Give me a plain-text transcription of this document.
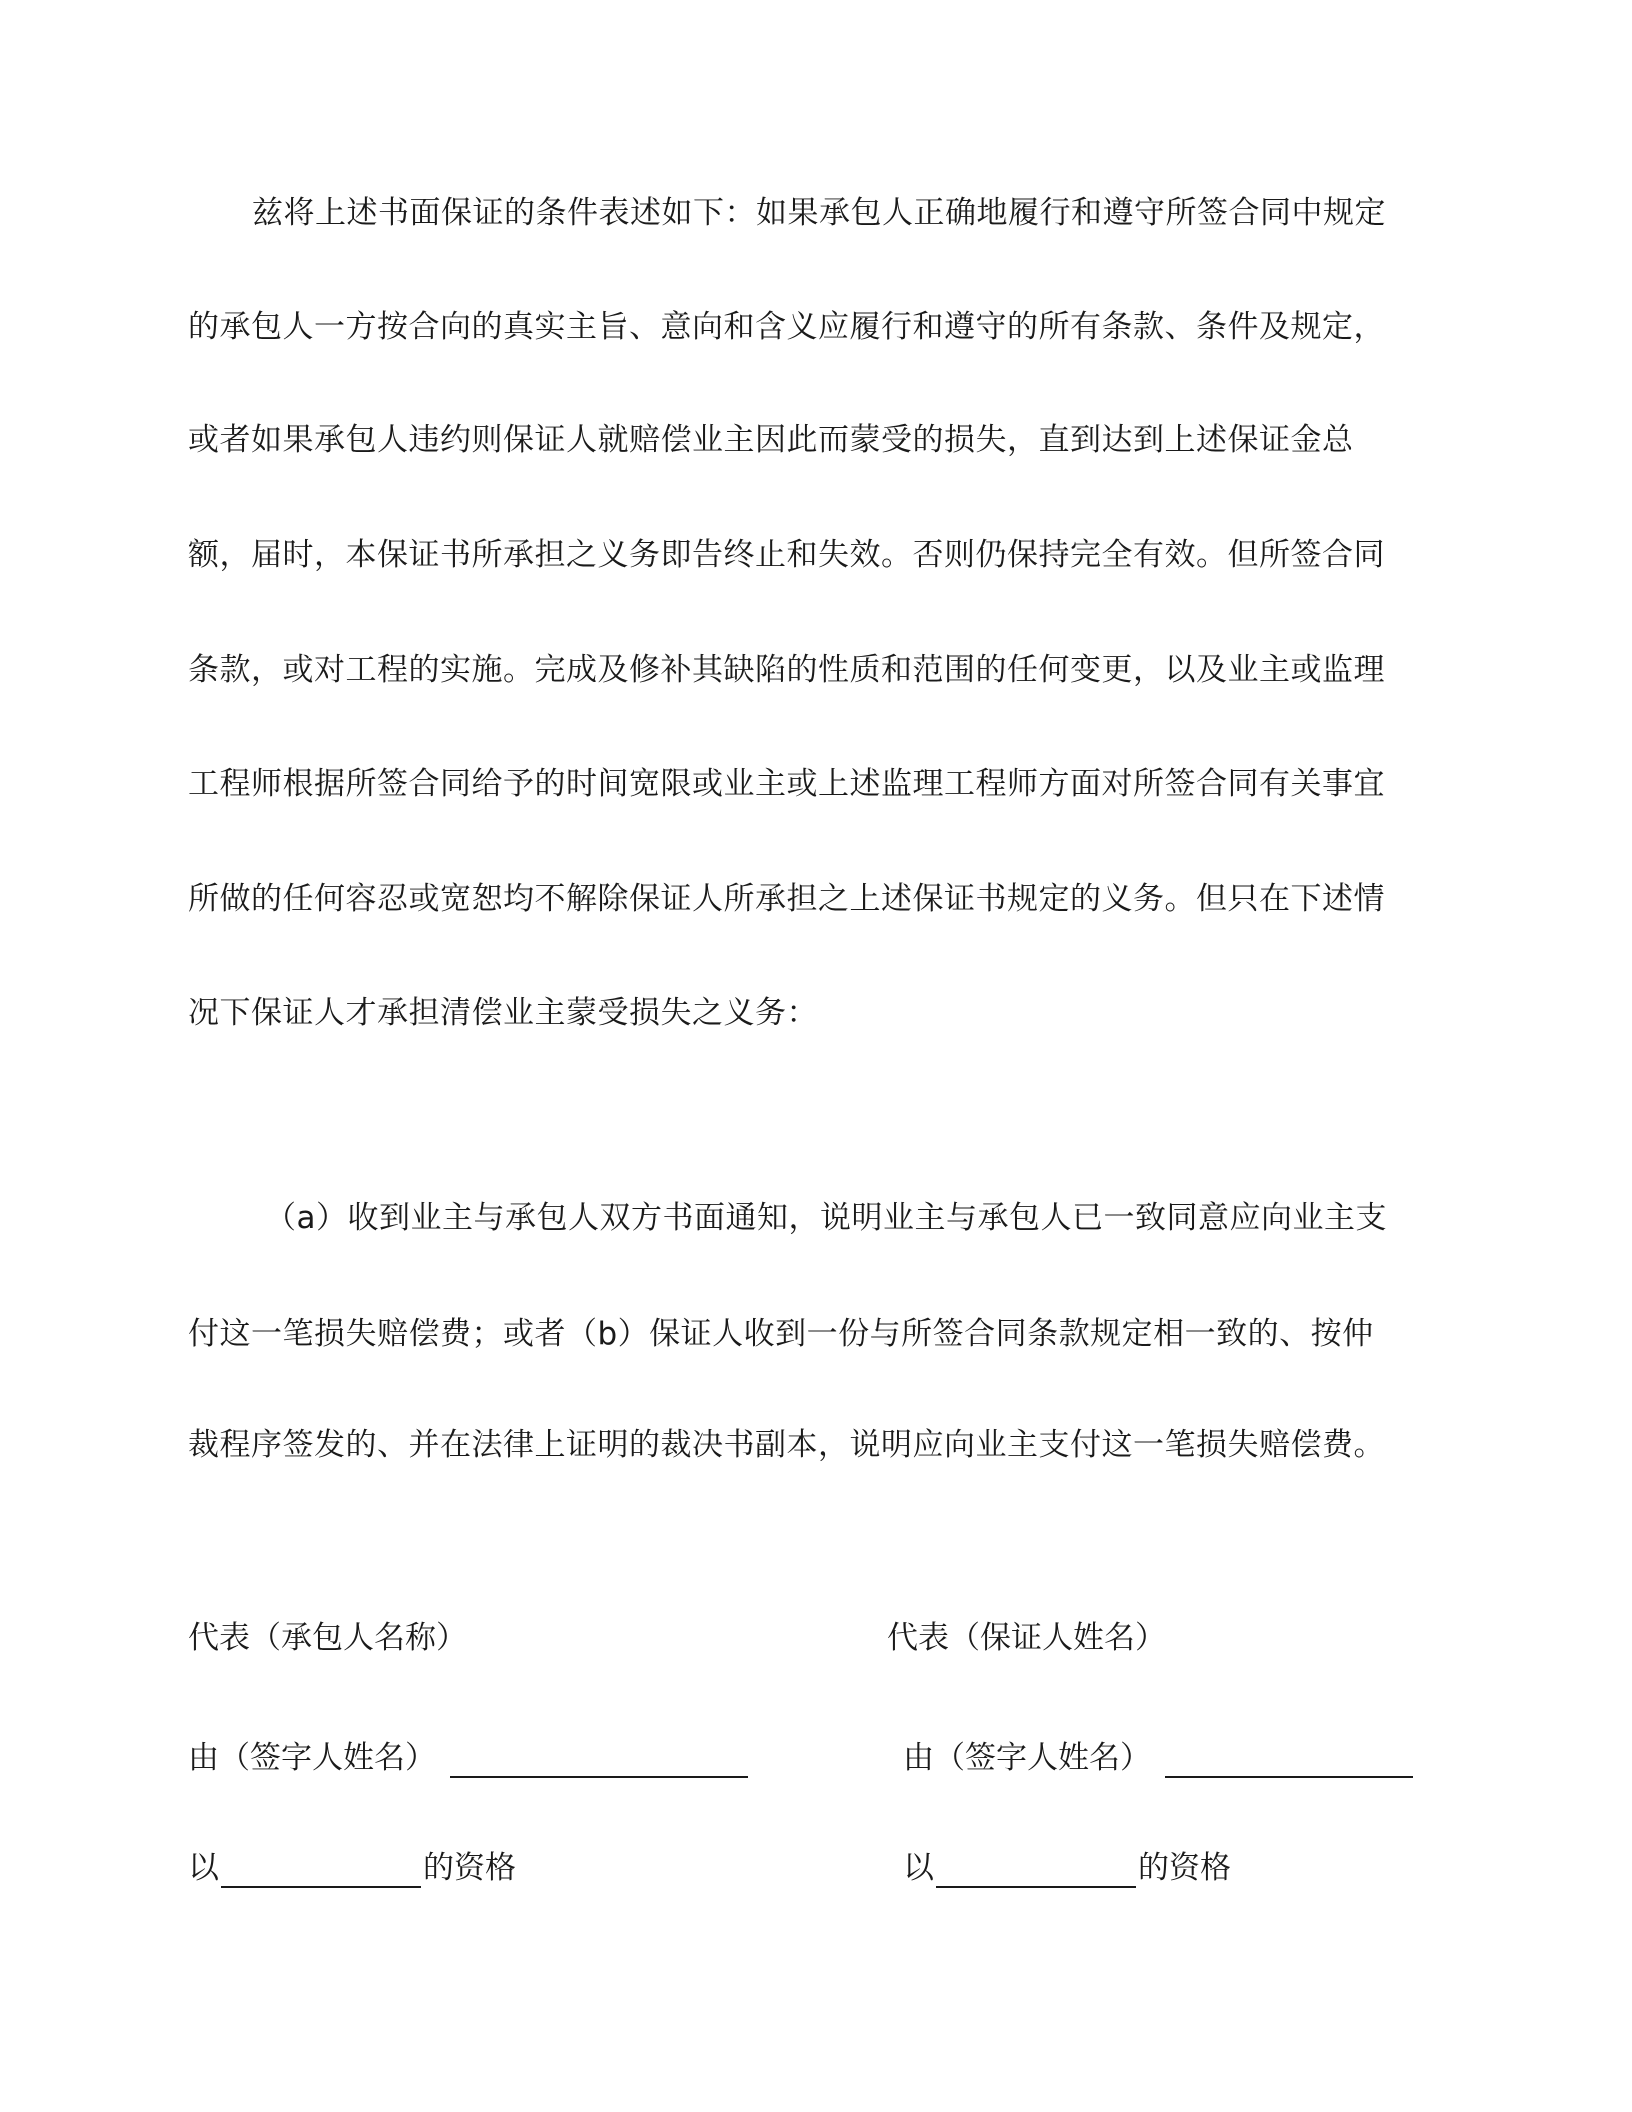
兹将上述书面保证的条件表述如下：如果承包人正确地履行和遵守所签合同中规定
的承包人一方按合向的真实主旨、意向和含义应履行和遵守的所有条款、条件及规定，
或者如果承包人违约则保证人就赔偿业主因此而蒙受的损失，直到达到上述保证金总
额，届时，本保证书所承担之义务即告终止和失效。否则仍保持完全有效。但所签合同
条款，或对工程的实施。完成及修补其缺陷的性质和范围的任何变更，以及业主或监理
工程师根据所签合同给予的时间宽限或业主或上述监理工程师方面对所签合同有关事宜
所做的任何容忍或宽恕均不解除保证人所承担之上述保证书规定的义务。但只在下述情
况下保证人才承担清偿业主蒙受损失之义务：
（a）收到业主与承包人双方书面通知，说明业主与承包人已一致同意应向业主支
付这一笔损失赔偿费；或者（b）保证人收到一份与所签合同条款规定相一致的、按仲
裁程序签发的、并在法律上证明的裁决书副本，说明应向业主支付这一笔损失赔偿费。
代表（承包人名称）
由（签字人姓名）
以	的资格
代表（保证人姓名）
由（签字人姓名）
以	的资格
